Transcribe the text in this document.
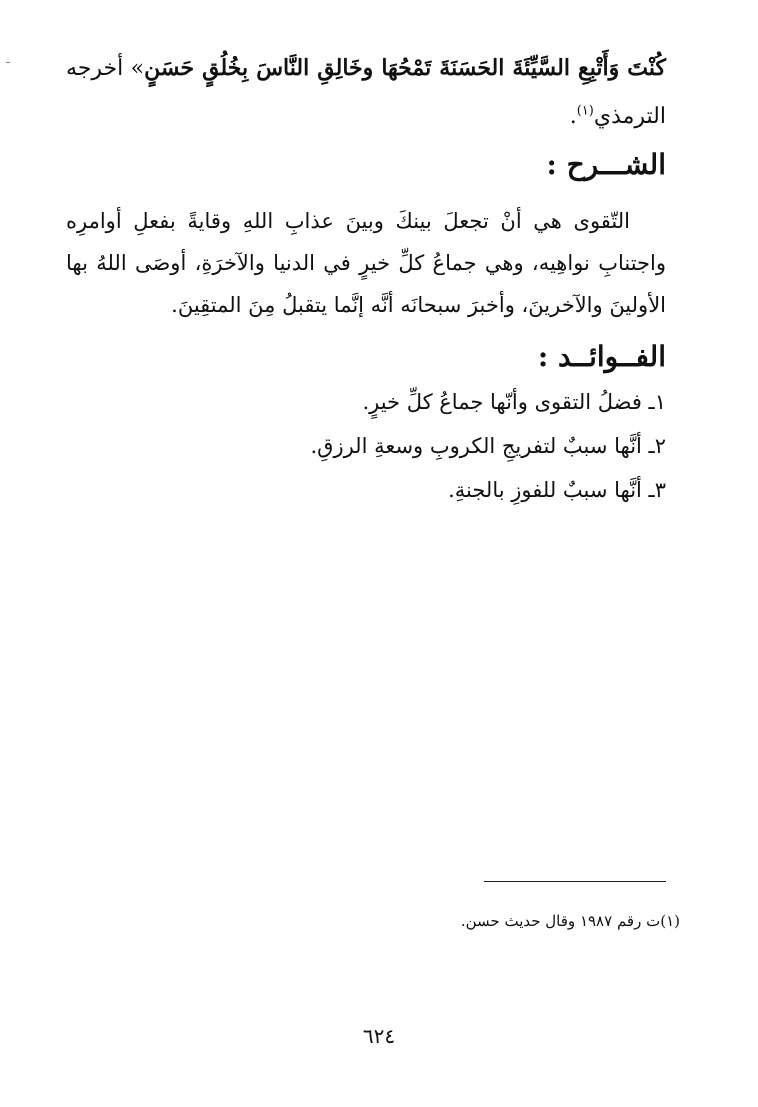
كُنْتَ وَأَتْبِعِ السَّيِّئَةَ الحَسَنَةَ تَمْحُهَا وخَالِقِ النَّاسَ بِخُلُقٍ حَسَنٍ» أخرجه الترمذي$^{(١)}$.

الشـــرح :

التّقوى هي أنْ تجعلَ بينكَ وبينَ عذابِ اللهِ وقايةً بفعلِ أوامرِه واجتنابِ نواهِيه، وهي جماعُ كلِّ خيرٍ في الدنيا والآخرَةِ، أوصَى اللهُ بها الأولينَ والآخرينَ، وأخبرَ سبحانَه أنَّه إنَّما يتقبلُ مِنَ المتقِينَ.

الفــوائــد :
١ـ فضلُ التقوى وأنّها جماعُ كلِّ خيرٍ.
٢ـ أنَّها سببٌ لتفريجِ الكروبِ وسعةِ الرزقِ.
٣ـ أنَّها سببٌ للفوزِ بالجنةِ.
(١)ت رقم ١٩٨٧ وقال حديث حسن.
٦٢٤
